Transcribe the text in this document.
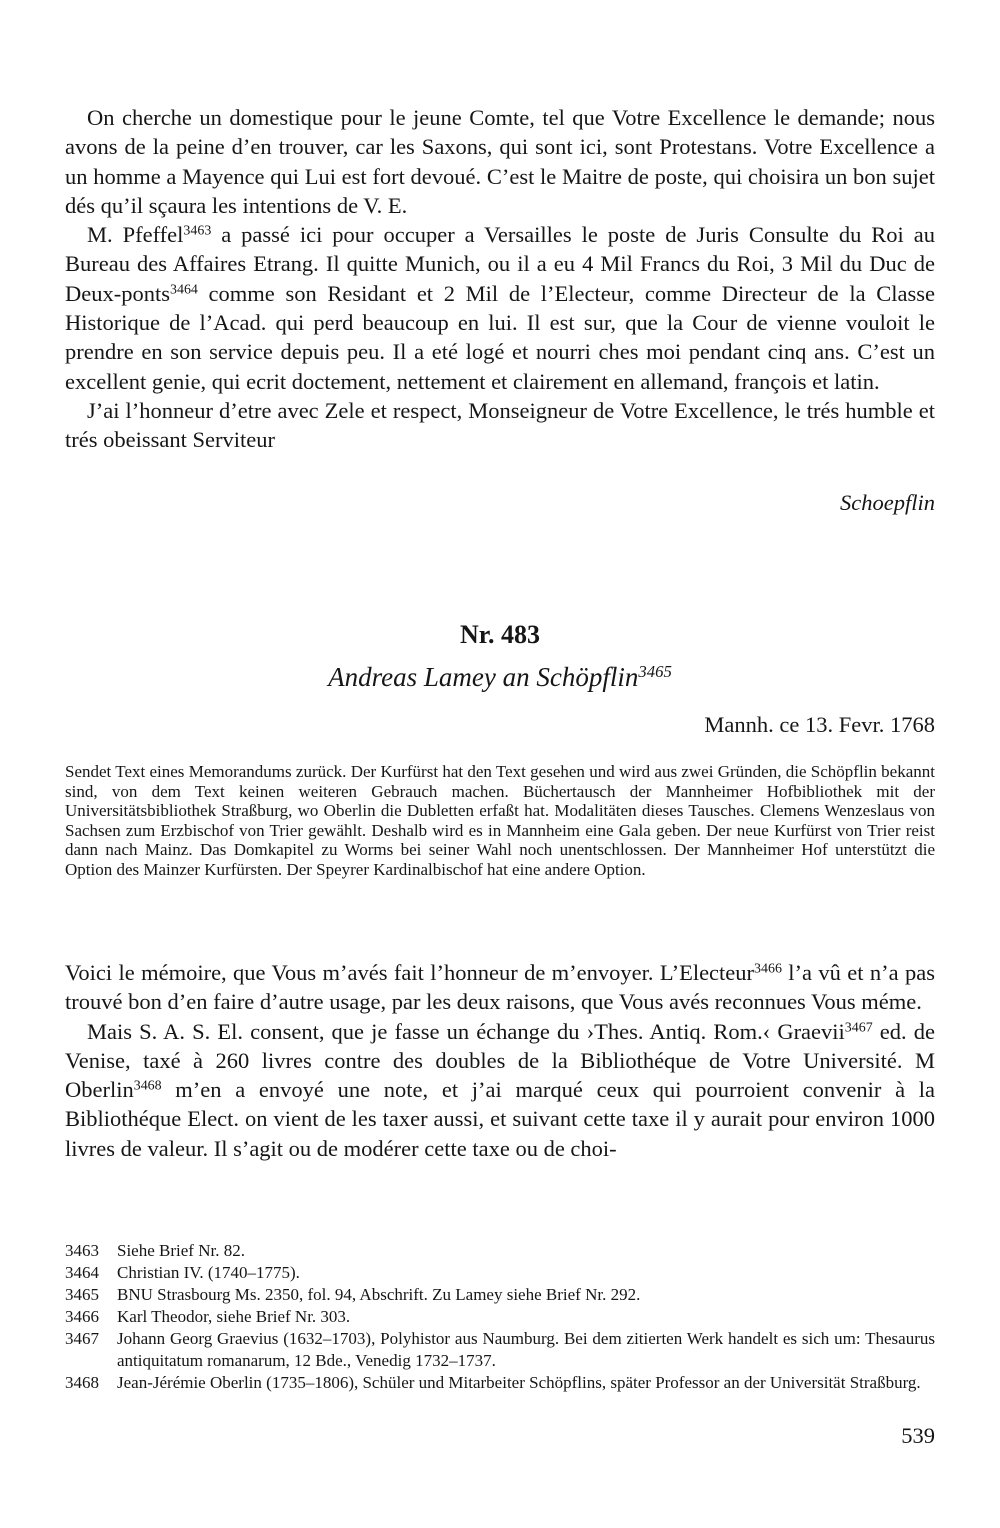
On cherche un domestique pour le jeune Comte, tel que Votre Excellence le demande; nous avons de la peine d’en trouver, car les Saxons, qui sont ici, sont Protestans. Votre Excellence a un homme a Mayence qui Lui est fort devoué. C’est le Maitre de poste, qui choisira un bon sujet dés qu’il sçaura les intentions de V. E.

M. Pfeffel$^{3463}$ a passé ici pour occuper a Versailles le poste de Juris Consulte du Roi au Bureau des Affaires Etrang. Il quitte Munich, ou il a eu 4 Mil Francs du Roi, 3 Mil du Duc de Deux-ponts$^{3464}$ comme son Residant et 2 Mil de l’Electeur, comme Directeur de la Classe Historique de l’Acad. qui perd beaucoup en lui. Il est sur, que la Cour de vienne vouloit le prendre en son service depuis peu. Il a eté logé et nourri ches moi pendant cinq ans. C’est un excellent genie, qui ecrit doctement, nettement et clairement en allemand, françois et latin.

J’ai l’honneur d’etre avec Zele et respect, Monseigneur de Votre Excellence, le trés humble et trés obeissant Serviteur

Schoepflin
Nr. 483
Andreas Lamey an Schöpflin$^{3465}$
Mannh. ce 13. Fevr. 1768
Sendet Text eines Memorandums zurück. Der Kurfürst hat den Text gesehen und wird aus zwei Gründen, die Schöpflin bekannt sind, von dem Text keinen weiteren Gebrauch machen. Büchertausch der Mannheimer Hofbibliothek mit der Universitätsbibliothek Straßburg, wo Oberlin die Dubletten erfaßt hat. Modalitäten dieses Tausches. Clemens Wenzeslaus von Sachsen zum Erzbischof von Trier gewählt. Deshalb wird es in Mannheim eine Gala geben. Der neue Kurfürst von Trier reist dann nach Mainz. Das Domkapitel zu Worms bei seiner Wahl noch unentschlossen. Der Mannheimer Hof unterstützt die Option des Mainzer Kurfürsten. Der Speyrer Kardinalbischof hat eine andere Option.

Voici le mémoire, que Vous m’avés fait l’honneur de m’envoyer. L’Electeur$^{3466}$ l’a vû et n’a pas trouvé bon d’en faire d’autre usage, par les deux raisons, que Vous avés reconnues Vous méme.

Mais S. A. S. El. consent, que je fasse un échange du ›Thes. Antiq. Rom.‹ Graevii$^{3467}$ ed. de Venise, taxé à 260 livres contre des doubles de la Bibliothéque de Votre Université. M Oberlin$^{3468}$ m’en a envoyé une note, et j’ai marqué ceux qui pourroient convenir à la Bibliothéque Elect. on vient de les taxer aussi, et suivant cette taxe il y aurait pour environ 1000 livres de valeur. Il s’agit ou de modérer cette taxe ou de choi-

3463	Siehe Brief Nr. 82.
3464	Christian IV. (1740–1775).
3465	BNU Strasbourg Ms. 2350, fol. 94, Abschrift. Zu Lamey siehe Brief Nr. 292.
3466	Karl Theodor, siehe Brief Nr. 303.
3467	Johann Georg Graevius (1632–1703), Polyhistor aus Naumburg. Bei dem zitierten Werk handelt es sich um: Thesaurus antiquitatum romanarum, 12 Bde., Venedig 1732–1737.
3468	Jean-Jérémie Oberlin (1735–1806), Schüler und Mitarbeiter Schöpflins, später Professor an der Universität Straßburg.
539
